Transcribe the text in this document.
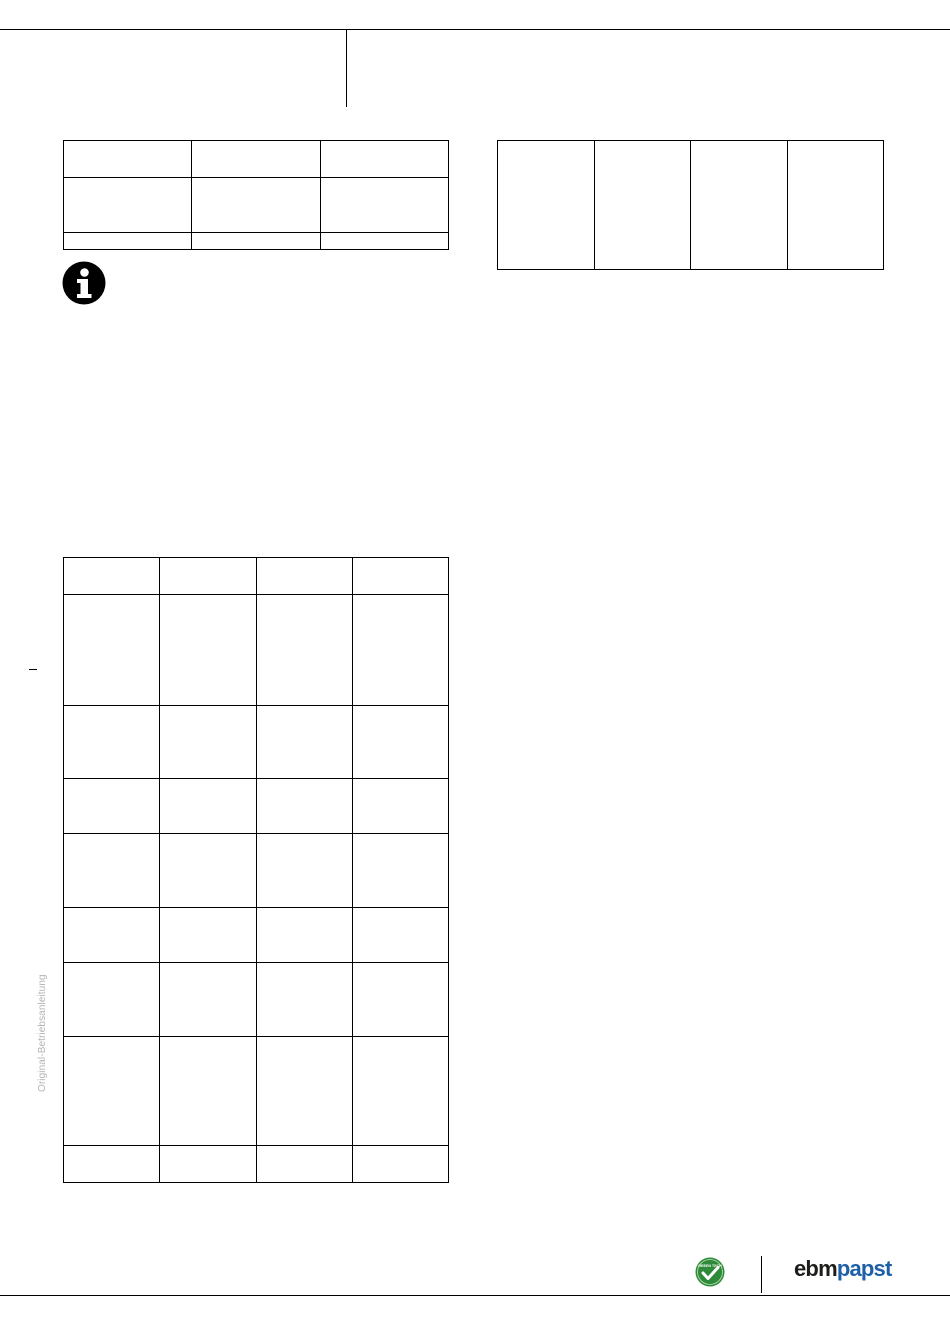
Original-Betriebsanleitung
GREEN TECH	ebmpapst
